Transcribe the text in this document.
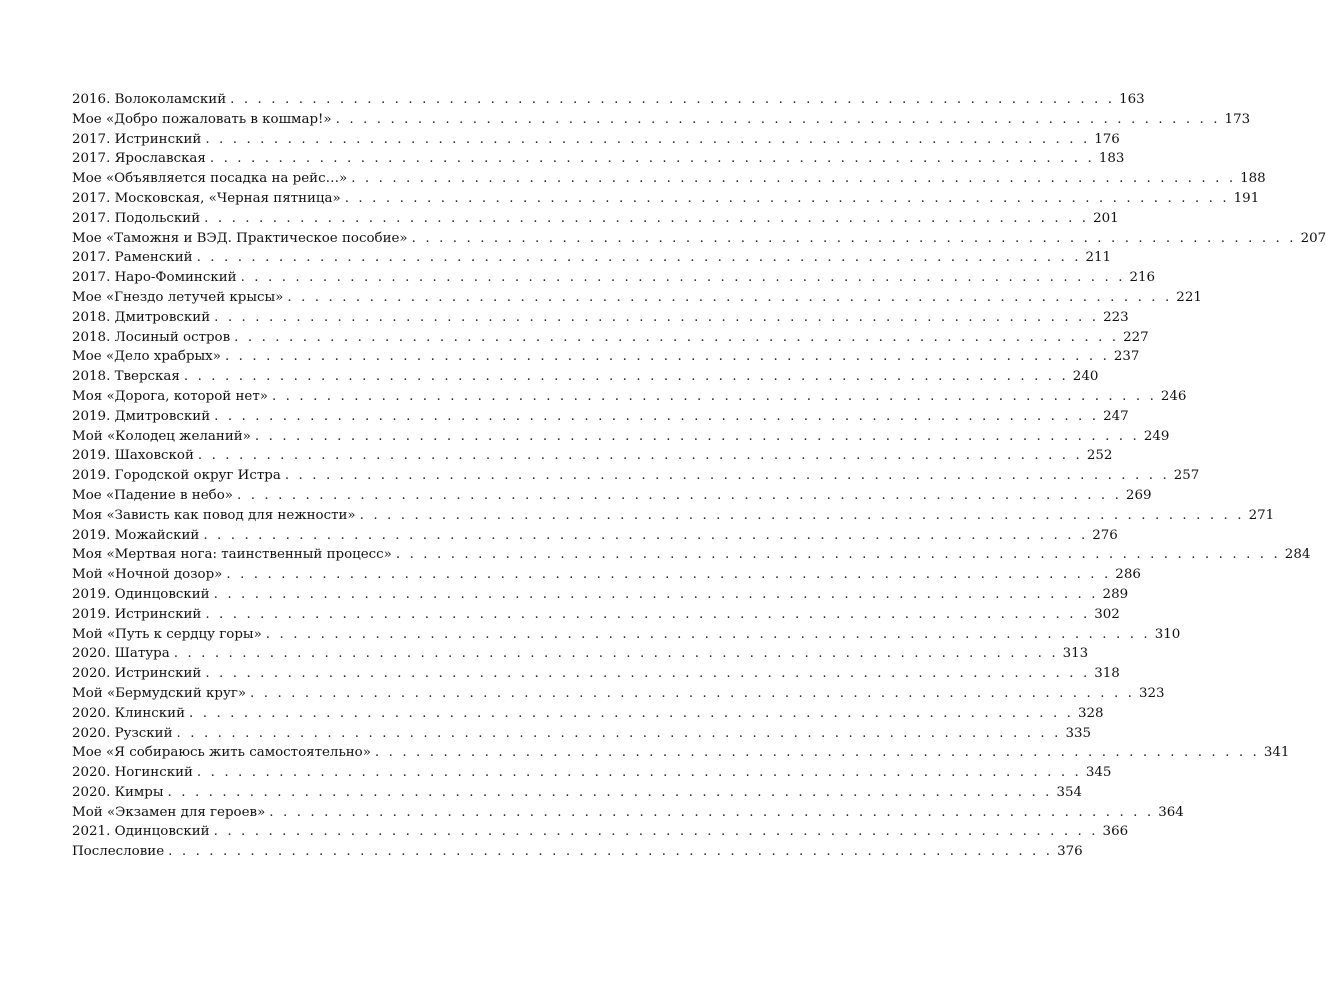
2016. Волоколамский . . . . . . . . . . . . . . . . . . . . . . . . . . . . . . . . . . . . . . . . . . . . . . . . . . . . . . . . . . . . . . . . . 163
Мое «Добро пожаловать в кошмар!» . . . . . . . . . . . . . . . . . . . . . . . . . . . . . . . . . . . . . . . . . . . . . . . . . . . . . . . . . . . . . . . . . 173
2017. Истринский . . . . . . . . . . . . . . . . . . . . . . . . . . . . . . . . . . . . . . . . . . . . . . . . . . . . . . . . . . . . . . . . . 176
2017. Ярославская . . . . . . . . . . . . . . . . . . . . . . . . . . . . . . . . . . . . . . . . . . . . . . . . . . . . . . . . . . . . . . . . . 183
Мое «Объявляется посадка на рейс…» . . . . . . . . . . . . . . . . . . . . . . . . . . . . . . . . . . . . . . . . . . . . . . . . . . . . . . . . . . . . . . . . . 188
2017. Московская, «Черная пятница» . . . . . . . . . . . . . . . . . . . . . . . . . . . . . . . . . . . . . . . . . . . . . . . . . . . . . . . . . . . . . . . . . 191
2017. Подольский . . . . . . . . . . . . . . . . . . . . . . . . . . . . . . . . . . . . . . . . . . . . . . . . . . . . . . . . . . . . . . . . . 201
Мое «Таможня и ВЭД. Практическое пособие» . . . . . . . . . . . . . . . . . . . . . . . . . . . . . . . . . . . . . . . . . . . . . . . . . . . . . . . . . . . . . . . . . 207
2017. Раменский . . . . . . . . . . . . . . . . . . . . . . . . . . . . . . . . . . . . . . . . . . . . . . . . . . . . . . . . . . . . . . . . . 211
2017. Наро-Фоминский . . . . . . . . . . . . . . . . . . . . . . . . . . . . . . . . . . . . . . . . . . . . . . . . . . . . . . . . . . . . . . . . . 216
Мое «Гнездо летучей крысы» . . . . . . . . . . . . . . . . . . . . . . . . . . . . . . . . . . . . . . . . . . . . . . . . . . . . . . . . . . . . . . . . . 221
2018. Дмитровский . . . . . . . . . . . . . . . . . . . . . . . . . . . . . . . . . . . . . . . . . . . . . . . . . . . . . . . . . . . . . . . . . 223
2018. Лосиный остров . . . . . . . . . . . . . . . . . . . . . . . . . . . . . . . . . . . . . . . . . . . . . . . . . . . . . . . . . . . . . . . . . 227
Мое «Дело храбрых» . . . . . . . . . . . . . . . . . . . . . . . . . . . . . . . . . . . . . . . . . . . . . . . . . . . . . . . . . . . . . . . . . 237
2018. Тверская . . . . . . . . . . . . . . . . . . . . . . . . . . . . . . . . . . . . . . . . . . . . . . . . . . . . . . . . . . . . . . . . . 240
Моя «Дорога, которой нет» . . . . . . . . . . . . . . . . . . . . . . . . . . . . . . . . . . . . . . . . . . . . . . . . . . . . . . . . . . . . . . . . . 246
2019. Дмитровский . . . . . . . . . . . . . . . . . . . . . . . . . . . . . . . . . . . . . . . . . . . . . . . . . . . . . . . . . . . . . . . . . 247
Мой «Колодец желаний» . . . . . . . . . . . . . . . . . . . . . . . . . . . . . . . . . . . . . . . . . . . . . . . . . . . . . . . . . . . . . . . . . 249
2019. Шаховской . . . . . . . . . . . . . . . . . . . . . . . . . . . . . . . . . . . . . . . . . . . . . . . . . . . . . . . . . . . . . . . . . 252
2019. Городской округ Истра . . . . . . . . . . . . . . . . . . . . . . . . . . . . . . . . . . . . . . . . . . . . . . . . . . . . . . . . . . . . . . . . . 257
Мое «Падение в небо» . . . . . . . . . . . . . . . . . . . . . . . . . . . . . . . . . . . . . . . . . . . . . . . . . . . . . . . . . . . . . . . . . 269
Моя «Зависть как повод для нежности» . . . . . . . . . . . . . . . . . . . . . . . . . . . . . . . . . . . . . . . . . . . . . . . . . . . . . . . . . . . . . . . . . 271
2019. Можайский . . . . . . . . . . . . . . . . . . . . . . . . . . . . . . . . . . . . . . . . . . . . . . . . . . . . . . . . . . . . . . . . . 276
Моя «Мертвая нога: таинственный процесс» . . . . . . . . . . . . . . . . . . . . . . . . . . . . . . . . . . . . . . . . . . . . . . . . . . . . . . . . . . . . . . . . . 284
Мой «Ночной дозор» . . . . . . . . . . . . . . . . . . . . . . . . . . . . . . . . . . . . . . . . . . . . . . . . . . . . . . . . . . . . . . . . . 286
2019. Одинцовский . . . . . . . . . . . . . . . . . . . . . . . . . . . . . . . . . . . . . . . . . . . . . . . . . . . . . . . . . . . . . . . . . 289
2019. Истринский . . . . . . . . . . . . . . . . . . . . . . . . . . . . . . . . . . . . . . . . . . . . . . . . . . . . . . . . . . . . . . . . . 302
Мой «Путь к сердцу горы» . . . . . . . . . . . . . . . . . . . . . . . . . . . . . . . . . . . . . . . . . . . . . . . . . . . . . . . . . . . . . . . . . 310
2020. Шатура . . . . . . . . . . . . . . . . . . . . . . . . . . . . . . . . . . . . . . . . . . . . . . . . . . . . . . . . . . . . . . . . . 313
2020. Истринский . . . . . . . . . . . . . . . . . . . . . . . . . . . . . . . . . . . . . . . . . . . . . . . . . . . . . . . . . . . . . . . . . 318
Мой «Бермудский круг» . . . . . . . . . . . . . . . . . . . . . . . . . . . . . . . . . . . . . . . . . . . . . . . . . . . . . . . . . . . . . . . . . 323
2020. Клинский . . . . . . . . . . . . . . . . . . . . . . . . . . . . . . . . . . . . . . . . . . . . . . . . . . . . . . . . . . . . . . . . . 328
2020. Рузский . . . . . . . . . . . . . . . . . . . . . . . . . . . . . . . . . . . . . . . . . . . . . . . . . . . . . . . . . . . . . . . . . 335
Мое «Я собираюсь жить самостоятельно» . . . . . . . . . . . . . . . . . . . . . . . . . . . . . . . . . . . . . . . . . . . . . . . . . . . . . . . . . . . . . . . . . 341
2020. Ногинский . . . . . . . . . . . . . . . . . . . . . . . . . . . . . . . . . . . . . . . . . . . . . . . . . . . . . . . . . . . . . . . . . 345
2020. Кимры . . . . . . . . . . . . . . . . . . . . . . . . . . . . . . . . . . . . . . . . . . . . . . . . . . . . . . . . . . . . . . . . . 354
Мой «Экзамен для героев» . . . . . . . . . . . . . . . . . . . . . . . . . . . . . . . . . . . . . . . . . . . . . . . . . . . . . . . . . . . . . . . . . 364
2021. Одинцовский . . . . . . . . . . . . . . . . . . . . . . . . . . . . . . . . . . . . . . . . . . . . . . . . . . . . . . . . . . . . . . . . . 366
Послесловие . . . . . . . . . . . . . . . . . . . . . . . . . . . . . . . . . . . . . . . . . . . . . . . . . . . . . . . . . . . . . . . . . 376
